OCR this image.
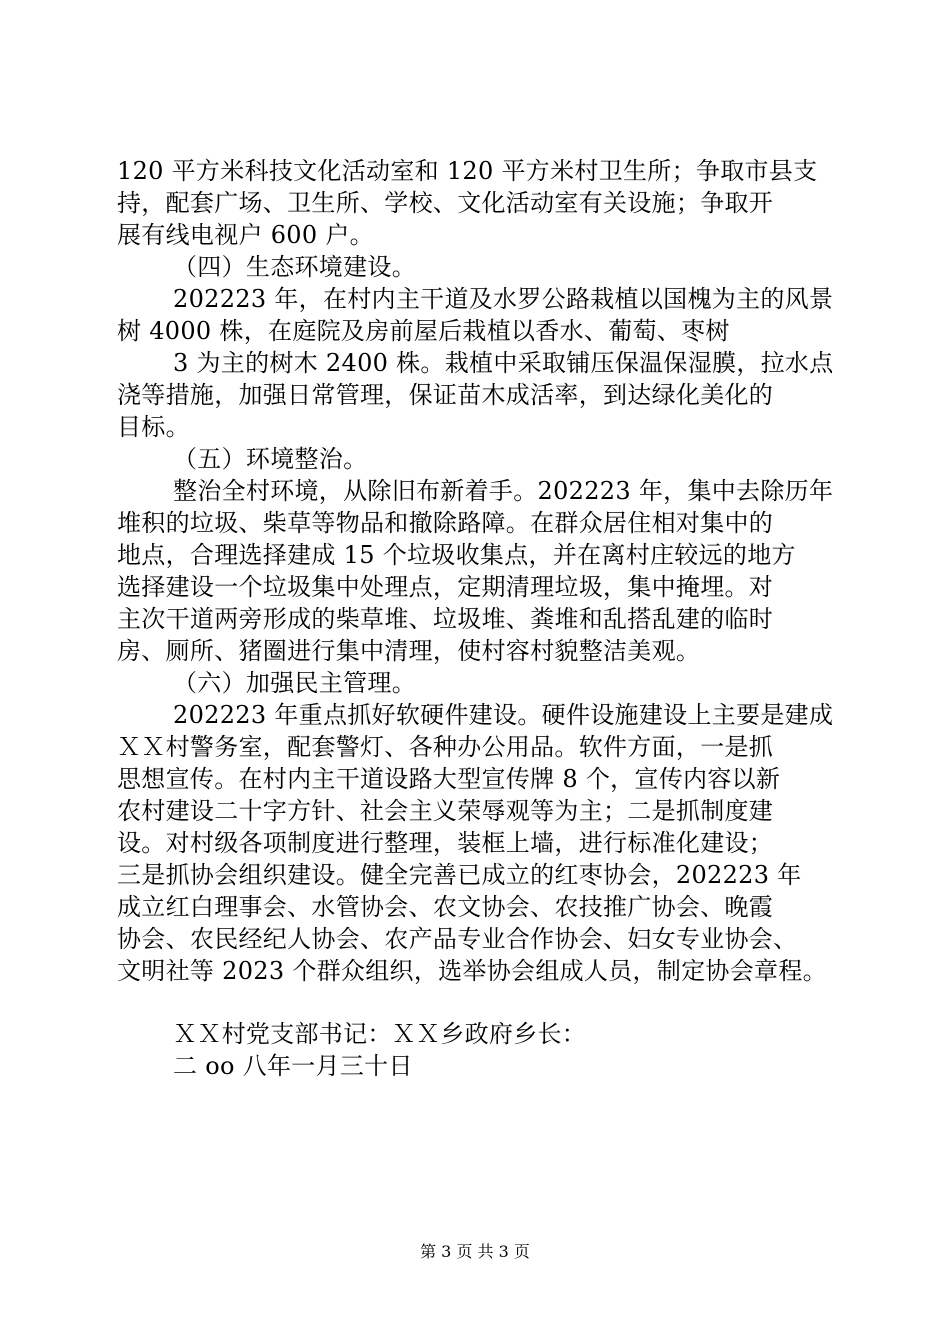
120 平方米科技文化活动室和 120 平方米村卫生所；争取市县支
持，配套广场、卫生所、学校、文化活动室有关设施；争取开
展有线电视户 600 户。
（四）生态环境建设。
202223 年，在村内主干道及水罗公路栽植以国槐为主的风景
树 4000 株，在庭院及房前屋后栽植以香水、葡萄、枣树
3 为主的树木 2400 株。栽植中采取铺压保温保湿膜，拉水点
浇等措施，加强日常管理，保证苗木成活率，到达绿化美化的
目标。
（五）环境整治。
整治全村环境，从除旧布新着手。202223 年，集中去除历年
堆积的垃圾、柴草等物品和撤除路障。在群众居住相对集中的
地点，合理选择建成 15 个垃圾收集点，并在离村庄较远的地方
选择建设一个垃圾集中处理点，定期清理垃圾，集中掩埋。对
主次干道两旁形成的柴草堆、垃圾堆、粪堆和乱搭乱建的临时
房、厕所、猪圈进行集中清理，使村容村貌整洁美观。
（六）加强民主管理。
202223 年重点抓好软硬件建设。硬件设施建设上主要是建成
ＸＸ村警务室，配套警灯、各种办公用品。软件方面，一是抓
思想宣传。在村内主干道设路大型宣传牌 8 个，宣传内容以新
农村建设二十字方针、社会主义荣辱观等为主；二是抓制度建
设。对村级各项制度进行整理，装框上墙，进行标准化建设；
三是抓协会组织建设。健全完善已成立的红枣协会，202223 年
成立红白理事会、水管协会、农文协会、农技推广协会、晚霞
协会、农民经纪人协会、农产品专业合作协会、妇女专业协会、
文明社等 2023 个群众组织，选举协会组成人员，制定协会章程。
ＸＸ村党支部书记：ＸＸ乡政府乡长：
二 oo 八年一月三十日
第 3 页 共 3 页
